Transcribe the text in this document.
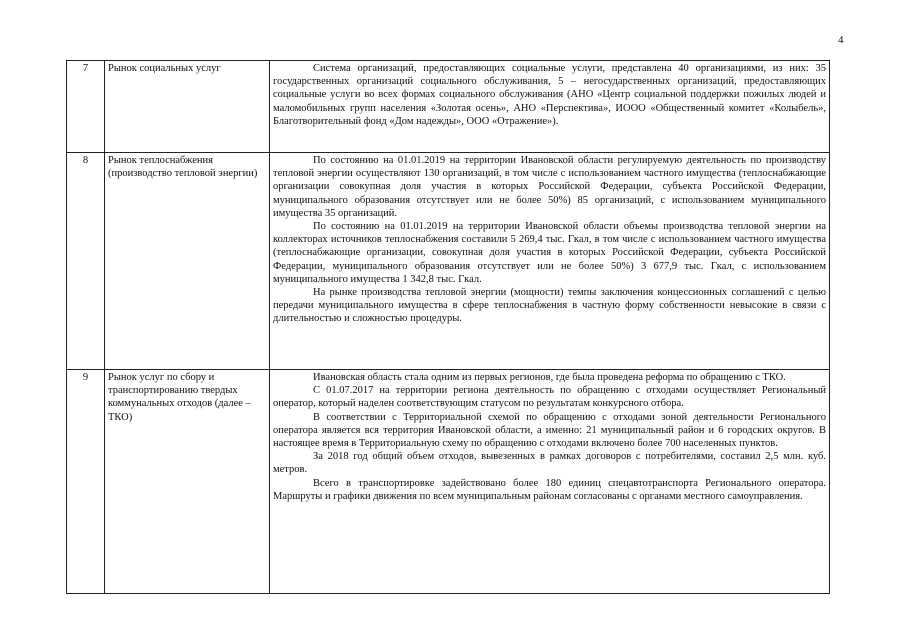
4
7	Рынок социальных услуг	Система организаций, предоставляющих социальные услуги, представлена 40 организациями, из них: 35 государственных организаций социального обслуживания, 5 – негосударственных организаций, предоставляющих социальные услуги во всех формах социального обслуживания (АНО «Центр социальной поддержки пожилых людей и маломобильных групп населения «Золотая осень», АНО «Перспектива», ИООО «Общественный комитет «Колыбель», Благотворительный фонд «Дом надежды», ООО «Отражение»).

8	Рынок теплоснабжения (производство тепловой энергии)	По состоянию на 01.01.2019 на территории Ивановской области регулируемую деятельность по производству тепловой энергии осуществляют 130 организаций, в том числе с использованием частного имущества (теплоснабжающие организации совокупная доля участия в которых Российской Федерации, субъекта Российской Федерации, муниципального образования отсутствует или не более 50%) 85 организаций, с использованием муниципального имущества 35 организаций.

По состоянию на 01.01.2019 на территории Ивановской области объемы производства тепловой энергии на коллекторах источников теплоснабжения составили 5 269,4 тыс. Гкал, в том числе с использованием частного имущества (теплоснабжающие организации, совокупная доля участия в которых Российской Федерации, субъекта Российской Федерации, муниципального образования отсутствует или не более 50%) 3 677,9 тыс. Гкал, с использованием муниципального имущества 1 342,8 тыс. Гкал.

На рынке производства тепловой энергии (мощности) темпы заключения концессионных соглашений с целью передачи муниципального имущества в сфере теплоснабжения в частную форму собственности невысокие в связи с длительностью и сложностью процедуры.

9	Рынок услуг по сбору и транспортированию твердых коммунальных отходов (далее – ТКО)	Ивановская область стала одним из первых регионов, где была проведена реформа по обращению с ТКО.

С 01.07.2017 на территории региона деятельность по обращению с отходами осуществляет Региональный оператор, который наделен соответствующим статусом по результатам конкурсного отбора.

В соответствии с Территориальной схемой по обращению с отходами зоной деятельности Регионального оператора является вся территория Ивановской области, а именно: 21 муниципальный район и 6 городских округов. В настоящее время в Территориальную схему по обращению с отходами включено более 700 населенных пунктов.

За 2018 год общий объем отходов, вывезенных в рамках договоров с потребителями, составил 2,5 млн. куб. метров.

Всего в транспортировке задействовано более 180 единиц спецавтотранспорта Регионального оператора. Маршруты и графики движения по всем муниципальным районам согласованы с органами местного самоуправления.
